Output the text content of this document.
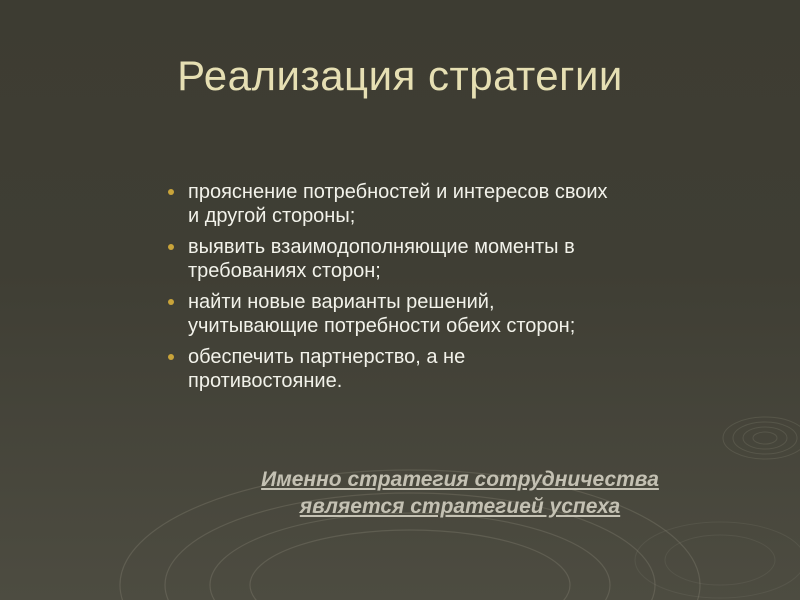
Реализация стратегии
прояснение потребностей и интересов своих
и другой стороны;
выявить взаимодополняющие моменты в
требованиях сторон;
найти новые варианты решений,
учитывающие потребности обеих сторон;
обеспечить партнерство, а не
противостояние.
Именно стратегия сотрудничества
является стратегией успеха
